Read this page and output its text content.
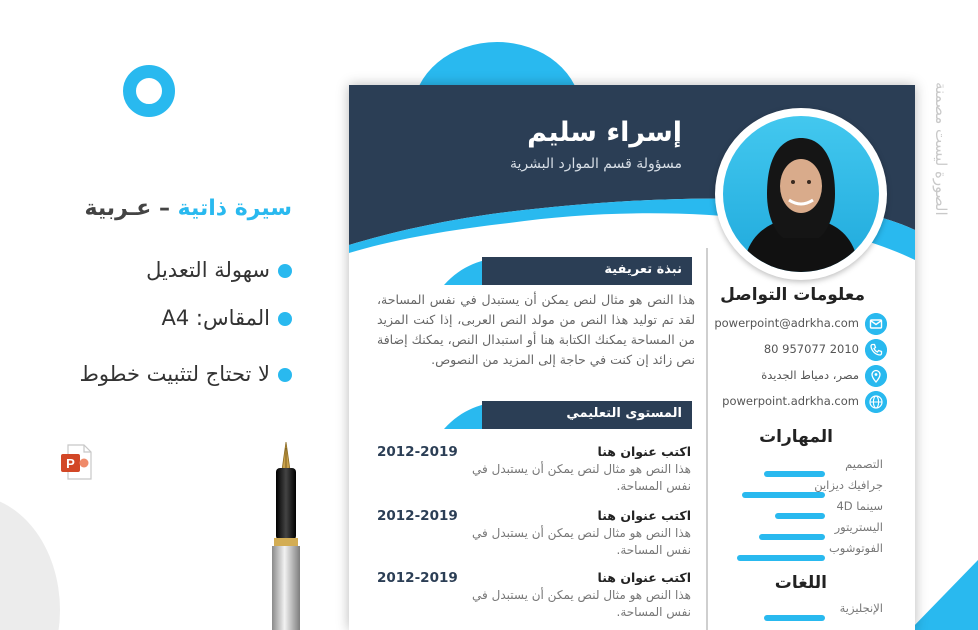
الصورة ليست مصمنة
سيرة ذاتية – عـربية
سهولة التعديل
المقاس: A4
لا تحتاج لتثبيت خطوط
P
إسراء سليم
مسؤولة قسم الموارد البشرية
نبذة تعريفية
هذا النص هو مثال لنص يمكن أن يستبدل في نفس المساحة، لقد تم توليد هذا النص من مولد النص العربى، إذا كنت المزيد من المساحة يمكنك الكتابة هنا أو استبدال النص، يمكنك إضافة نص زائد إن كنت في حاجة إلى المزيد من النصوص.
المستوى التعليمي
اكتب عنوان هنا
هذا النص هو مثال لنص يمكن أن يستبدل في نفس المساحة.
2012-2019
اكتب عنوان هنا
هذا النص هو مثال لنص يمكن أن يستبدل في نفس المساحة.
2012-2019
اكتب عنوان هنا
هذا النص هو مثال لنص يمكن أن يستبدل في نفس المساحة.
2012-2019
معلومات التواصل
powerpoint@adrkha.com
2010 957077 80
مصر، دمياط الجديدة
powerpoint.adrkha.com
المهارات
التصميم
جرافيك ديزاين
سينما 4D
اليستريتور
الفوتوشوب
اللغات
الإنجليزية
